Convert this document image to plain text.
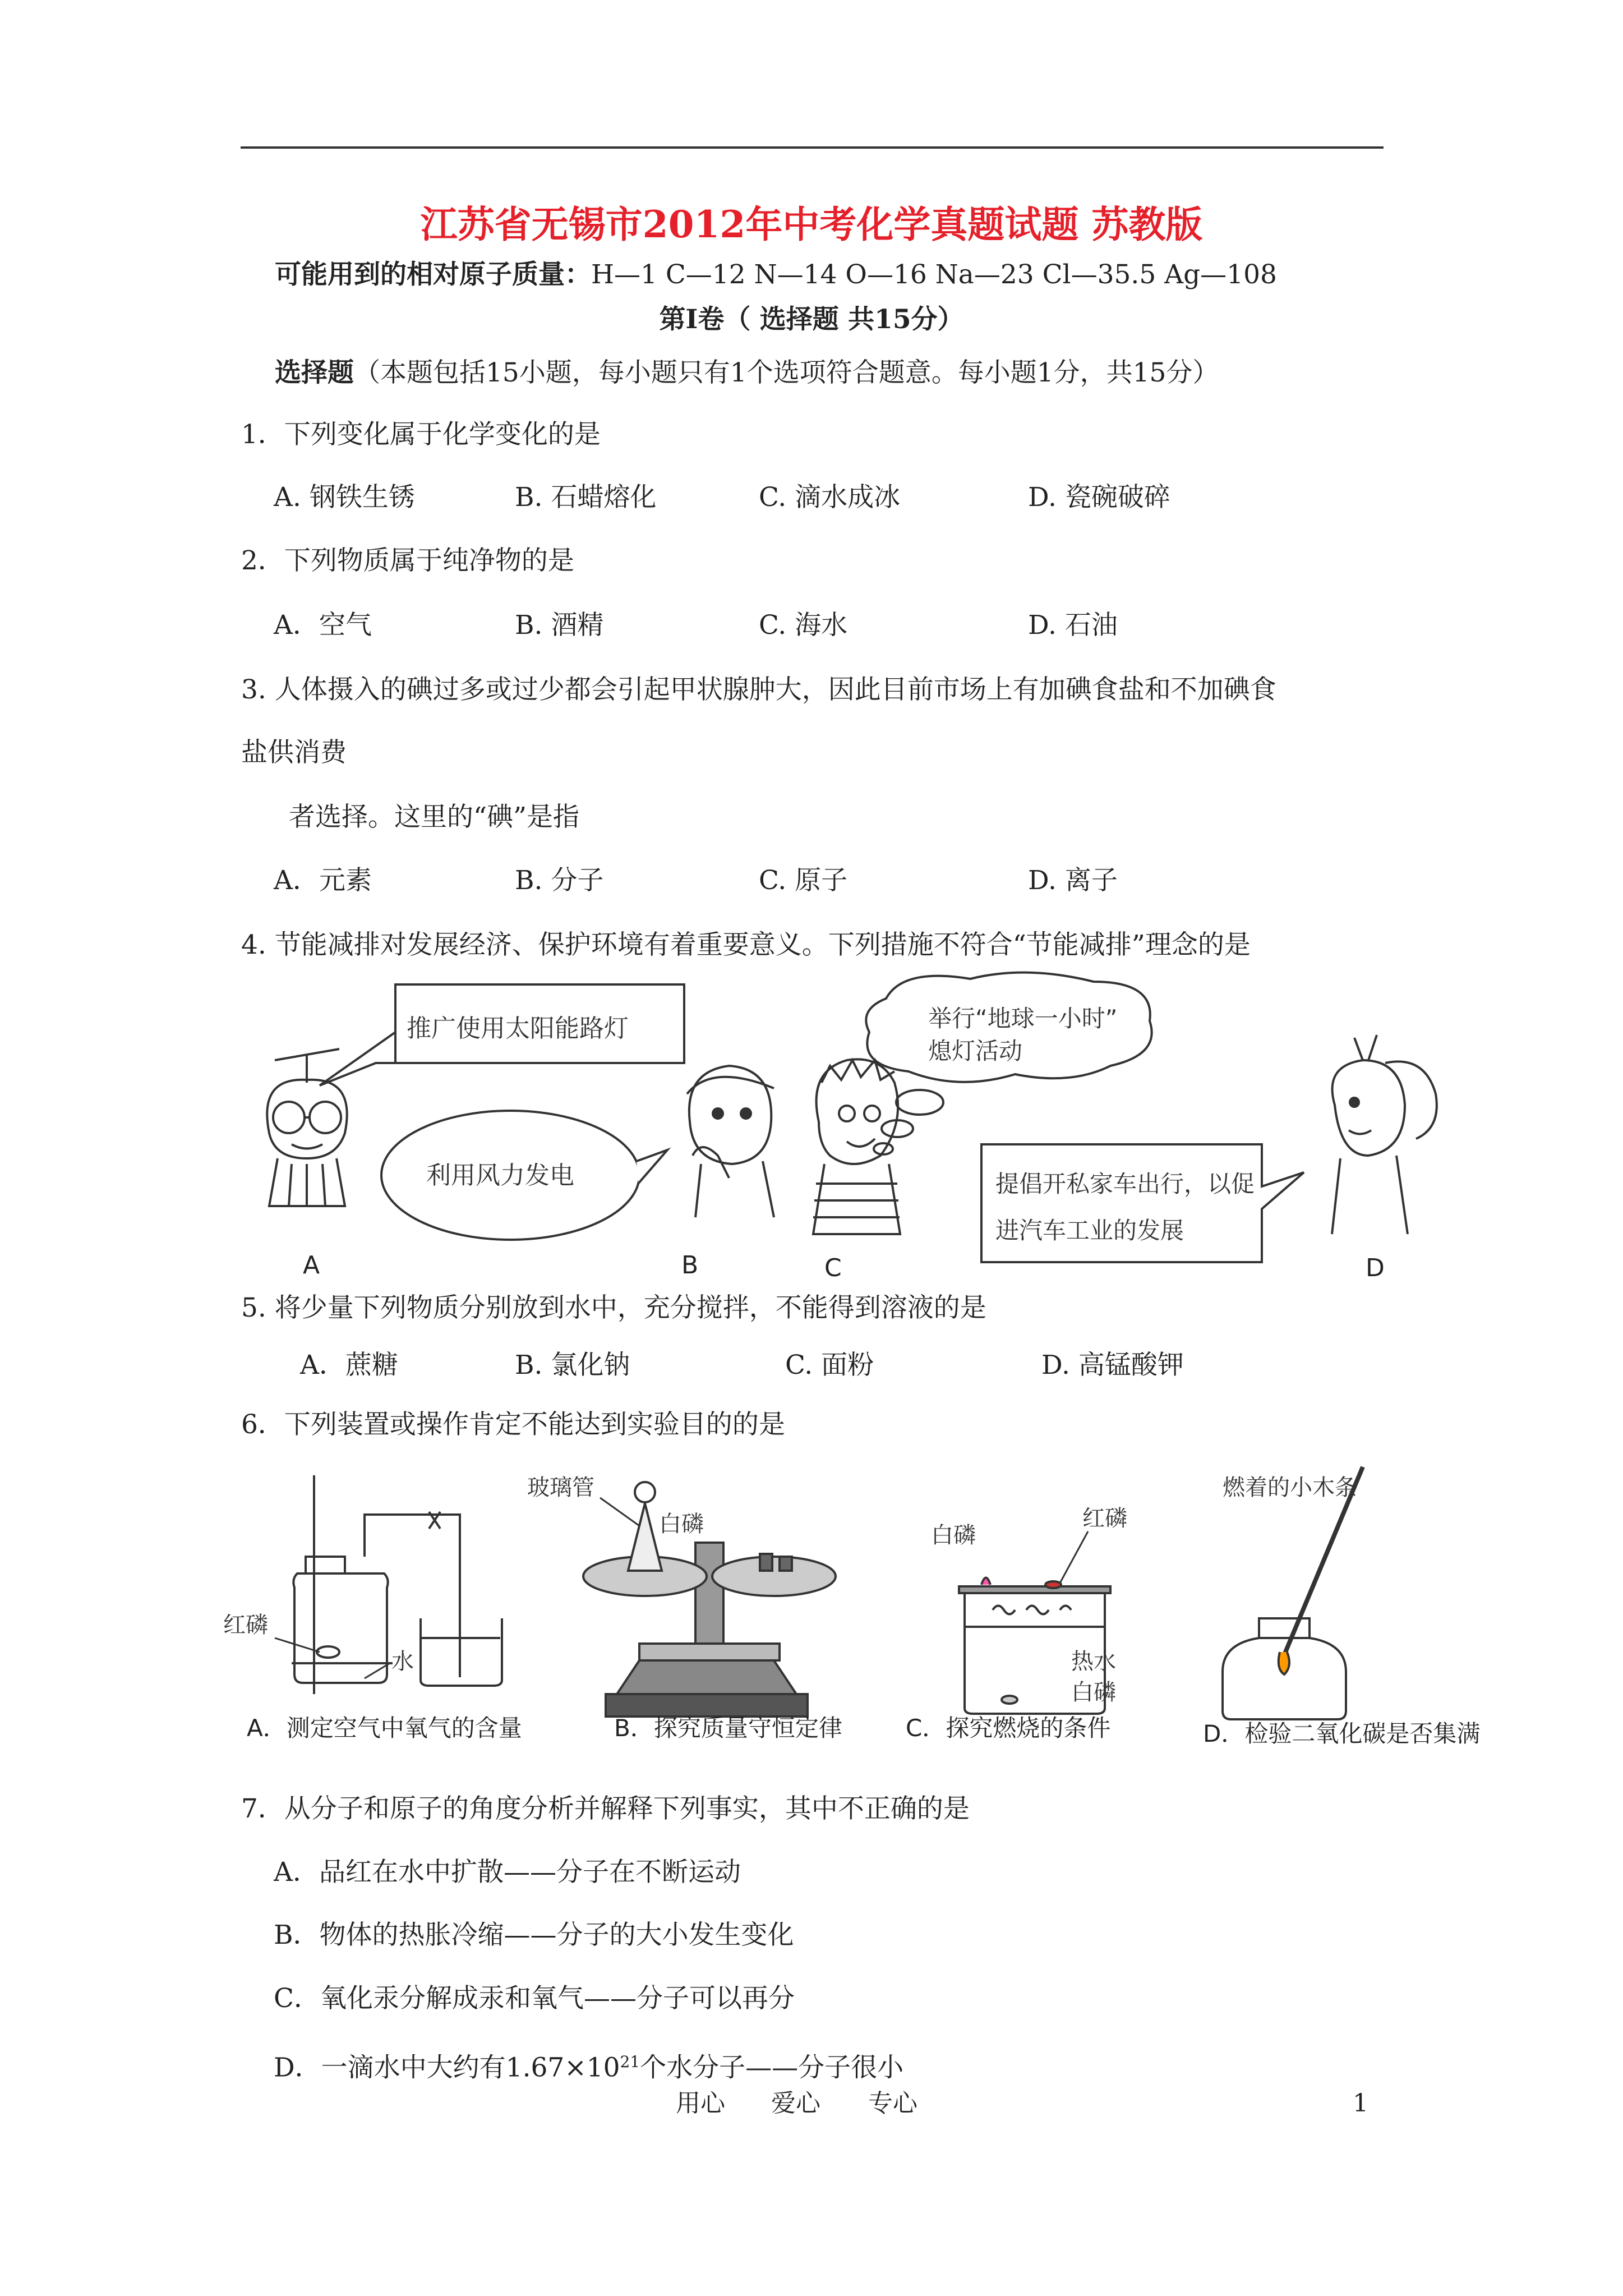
江苏省无锡市2012年中考化学真题试题 苏教版
可能用到的相对原子质量：H—1 C—12 N—14 O—16 Na—23 Cl—35.5 Ag—108
第Ⅰ卷（ 选择题 共15分）
选择题（本题包括15小题，每小题只有1个选项符合题意。每小题1分，共15分）
1．下列变化属于化学变化的是
A. 钢铁生锈	B. 石蜡熔化	C. 滴水成冰	D. 瓷碗破碎
2．下列物质属于纯净物的是
A．空气	B. 酒精	C. 海水	D. 石油
3. 人体摄入的碘过多或过少都会引起甲状腺肿大，因此目前市场上有加碘食盐和不加碘食
盐供消费
者选择。这里的“碘”是指
A．元素	B. 分子	C. 原子	D. 离子
4. 节能减排对发展经济、保护环境有着重要意义。下列措施不符合“节能减排”理念的是
推广使用太阳能路灯
A
利用风力发电
B
举行“地球一小时”
熄灯活动
C
提倡开私家车出行，以促
进汽车工业的发展
D
5. 将少量下列物质分别放到水中，充分搅拌，不能得到溶液的是
A．蔗糖	B. 氯化钠	C. 面粉	D. 高锰酸钾
6．下列装置或操作肯定不能达到实验目的的是
红磷
水
A．测定空气中氧气的含量
玻璃管
白磷
B．探究质量守恒定律
白磷
红磷
热水
白磷
C．探究燃烧的条件
燃着的小木条
D．检验二氧化碳是否集满
7．从分子和原子的角度分析并解释下列事实，其中不正确的是
A．品红在水中扩散——分子在不断运动
B．物体的热胀冷缩——分子的大小发生变化
C．氧化汞分解成汞和氧气——分子可以再分
D．一滴水中大约有$1.67\times 10^{21}$个水分子——分子很小
用心 爱心 专心	1
